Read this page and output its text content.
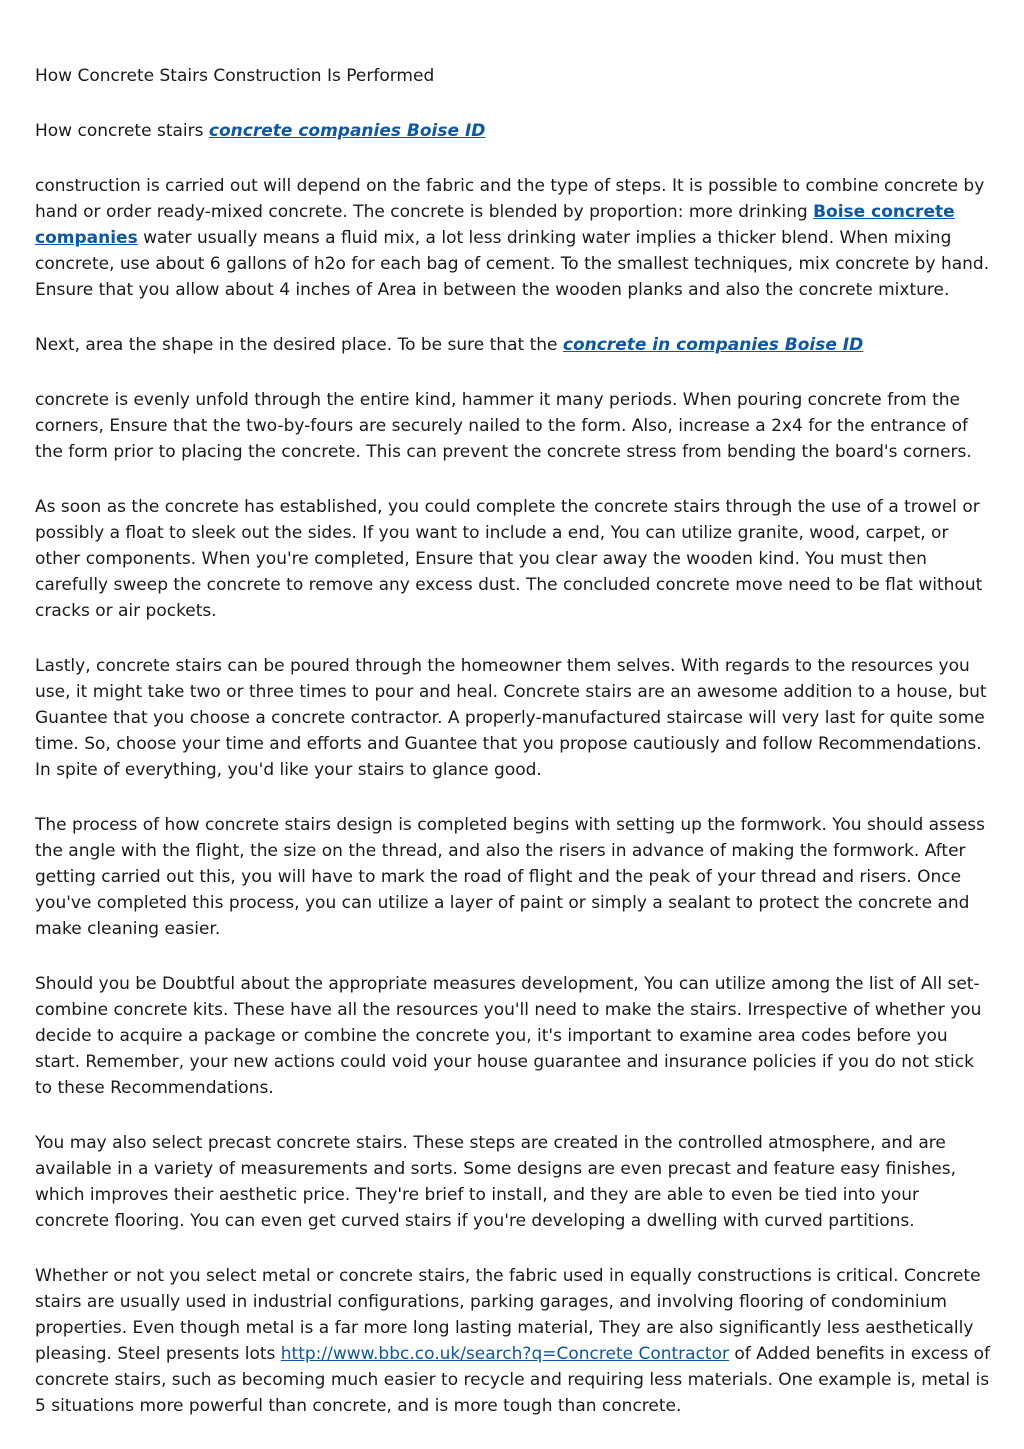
How Concrete Stairs Construction Is Performed

How concrete stairs concrete companies Boise ID

construction is carried out will depend on the fabric and the type of steps. It is possible to combine concrete by hand or order ready-mixed concrete. The concrete is blended by proportion: more drinking Boise concrete companies water usually means a fluid mix, a lot less drinking water implies a thicker blend. When mixing concrete, use about 6 gallons of h2o for each bag of cement. To the smallest techniques, mix concrete by hand. Ensure that you allow about 4 inches of Area in between the wooden planks and also the concrete mixture.

Next, area the shape in the desired place. To be sure that the concrete in companies Boise ID

concrete is evenly unfold through the entire kind, hammer it many periods. When pouring concrete from the corners, Ensure that the two-by-fours are securely nailed to the form. Also, increase a 2x4 for the entrance of the form prior to placing the concrete. This can prevent the concrete stress from bending the board's corners.

As soon as the concrete has established, you could complete the concrete stairs through the use of a trowel or possibly a float to sleek out the sides. If you want to include a end, You can utilize granite, wood, carpet, or other components. When you're completed, Ensure that you clear away the wooden kind. You must then carefully sweep the concrete to remove any excess dust. The concluded concrete move need to be flat without cracks or air pockets.

Lastly, concrete stairs can be poured through the homeowner them selves. With regards to the resources you use, it might take two or three times to pour and heal. Concrete stairs are an awesome addition to a house, but Guantee that you choose a concrete contractor. A properly-manufactured staircase will very last for quite some time. So, choose your time and efforts and Guantee that you propose cautiously and follow Recommendations. In spite of everything, you'd like your stairs to glance good.

The process of how concrete stairs design is completed begins with setting up the formwork. You should assess the angle with the flight, the size on the thread, and also the risers in advance of making the formwork. After getting carried out this, you will have to mark the road of flight and the peak of your thread and risers. Once you've completed this process, you can utilize a layer of paint or simply a sealant to protect the concrete and make cleaning easier.

Should you be Doubtful about the appropriate measures development, You can utilize among the list of All set-combine concrete kits. These have all the resources you'll need to make the stairs. Irrespective of whether you decide to acquire a package or combine the concrete you, it's important to examine area codes before you start. Remember, your new actions could void your house guarantee and insurance policies if you do not stick to these Recommendations.

You may also select precast concrete stairs. These steps are created in the controlled atmosphere, and are available in a variety of measurements and sorts. Some designs are even precast and feature easy finishes, which improves their aesthetic price. They're brief to install, and they are able to even be tied into your concrete flooring. You can even get curved stairs if you're developing a dwelling with curved partitions.

Whether or not you select metal or concrete stairs, the fabric used in equally constructions is critical. Concrete stairs are usually used in industrial configurations, parking garages, and involving flooring of condominium properties. Even though metal is a far more long lasting material, They are also significantly less aesthetically pleasing. Steel presents lots http://www.bbc.co.uk/search?q=Concrete Contractor of Added benefits in excess of concrete stairs, such as becoming much easier to recycle and requiring less materials. One example is, metal is 5 situations more powerful than concrete, and is more tough than concrete.
